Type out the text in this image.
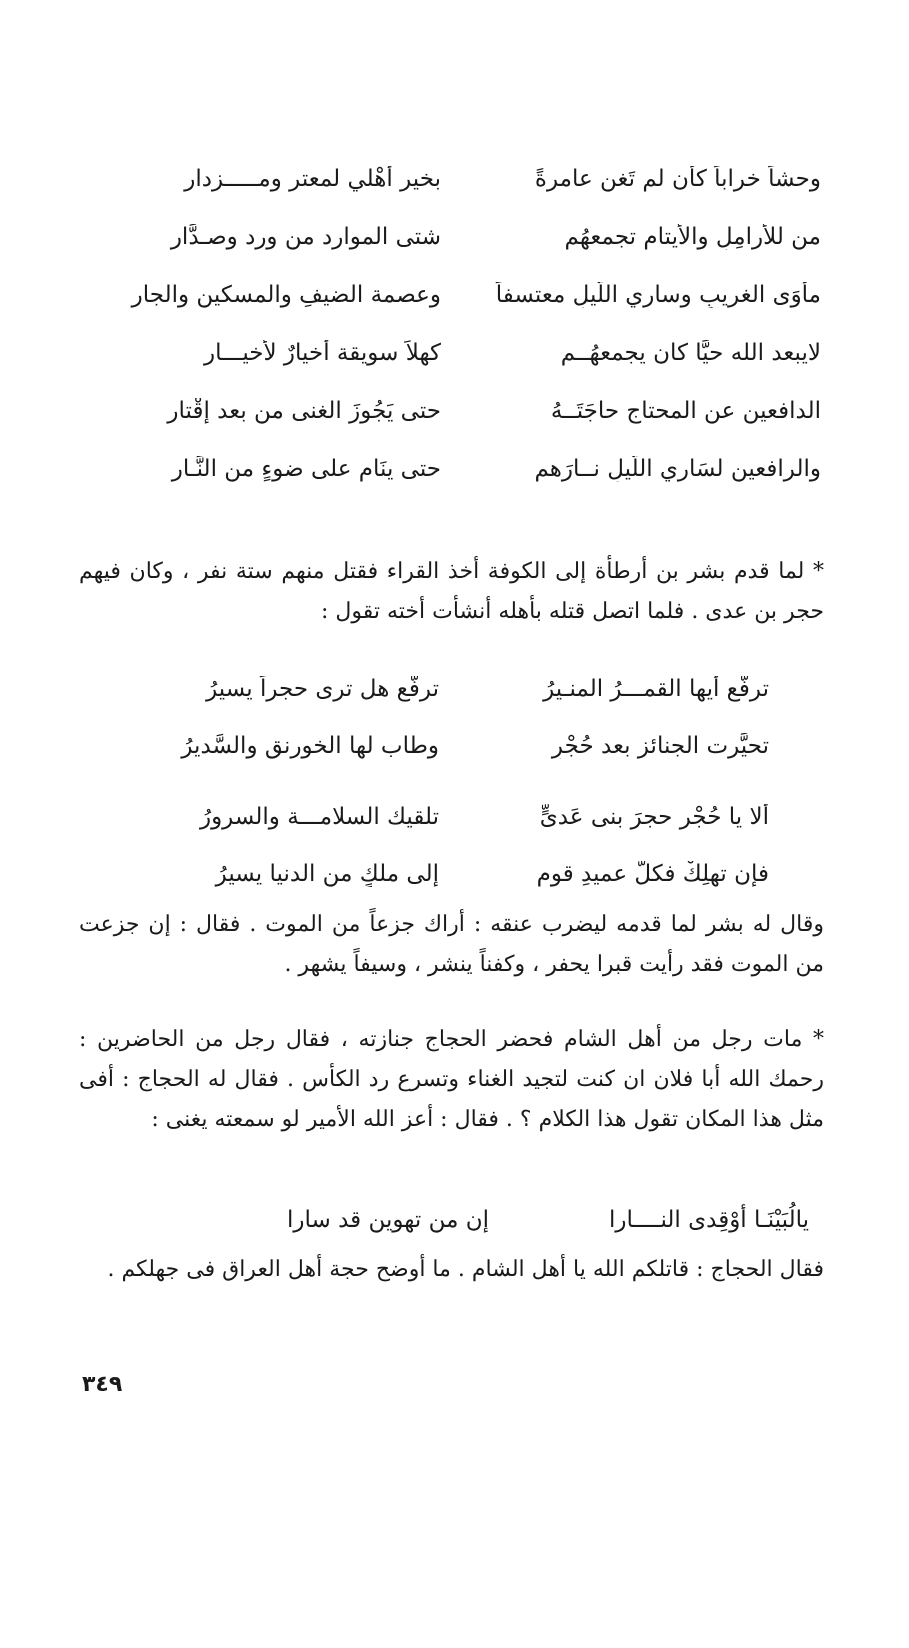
وحشاً خراباً كأن لم تَغن عامرةً
بخيرِ أهْلي لمعتر ومـــــزدار
من للأَرامِلِ والأَيتامِ تجمعهُم
شتى الموارد من ورد وصـدَّار
مأوَى الغريبِ وساري اللَّيلِ معتسفاً
وعصمة الضيفِ والمسكين والجار
لايبعد الله حيًّا كان يجمعهُــم
كهلاً سويقة أخيارٌ لأخيـــارِ
الدافعين عنِ المحتاجِ حاجَتَــهُ
حتى يَجُوزَ الغنى من بعد إقْتارِ
والرافعين لسَارِي اللَّيلِ نــارَهم
حتى ينَام على ضوءٍ من النَّـارِ

* لما قدم بشر بن أرطأة إلى الكوفة أخذ القراء فقتل منهم ستة نفر ، وكان فيهم حجر بن عدى . فلما اتصل قتله بأهله أنشأت أخته تقول :

ترفَّع أيها القمـــرُ المنـيرُ
ترفَّع هل ترى حجراً يسيرُ
تحيَّرت الجنائز بعد حُجْرٍ
وطاب لها الخورنق والسَّديرُ
ألا يا حُجْر حجرَ بنى عَدىٍّ
تلقيك السلامـــة والسرورُ
فإن تهلِكْ فكلُّ عميدِ قومٍ
إلى ملكٍ من الدنيا يسيرُ

وقال له بشر لما قدمه ليضرب عنقه : أراك جزعاً من الموت . فقال : إن جزعت من الموت فقد رأيت قبرا يحفر ، وكفناً ينشر ، وسيفاً يشهر .

* مات رجل من أهل الشام فحضر الحجاج جنازته ، فقال رجل من الحاضرين : رحمك الله أبا فلان ان كنت لتجيد الغناء وتسرع رد الكأس . فقال له الحجاج : أفى مثل هذا المكان تقول هذا الكلام ؟ . فقال : أعز الله الأمير لو سمعته يغنى :

يالُبَيْنَـا أوْقِدى النــــارا
إن من تهوين قد سارا

فقال الحجاج : قاتلكم الله يا أهل الشام . ما أوضح حجة أهل العراق فى جهلكم .

٣٤٩
